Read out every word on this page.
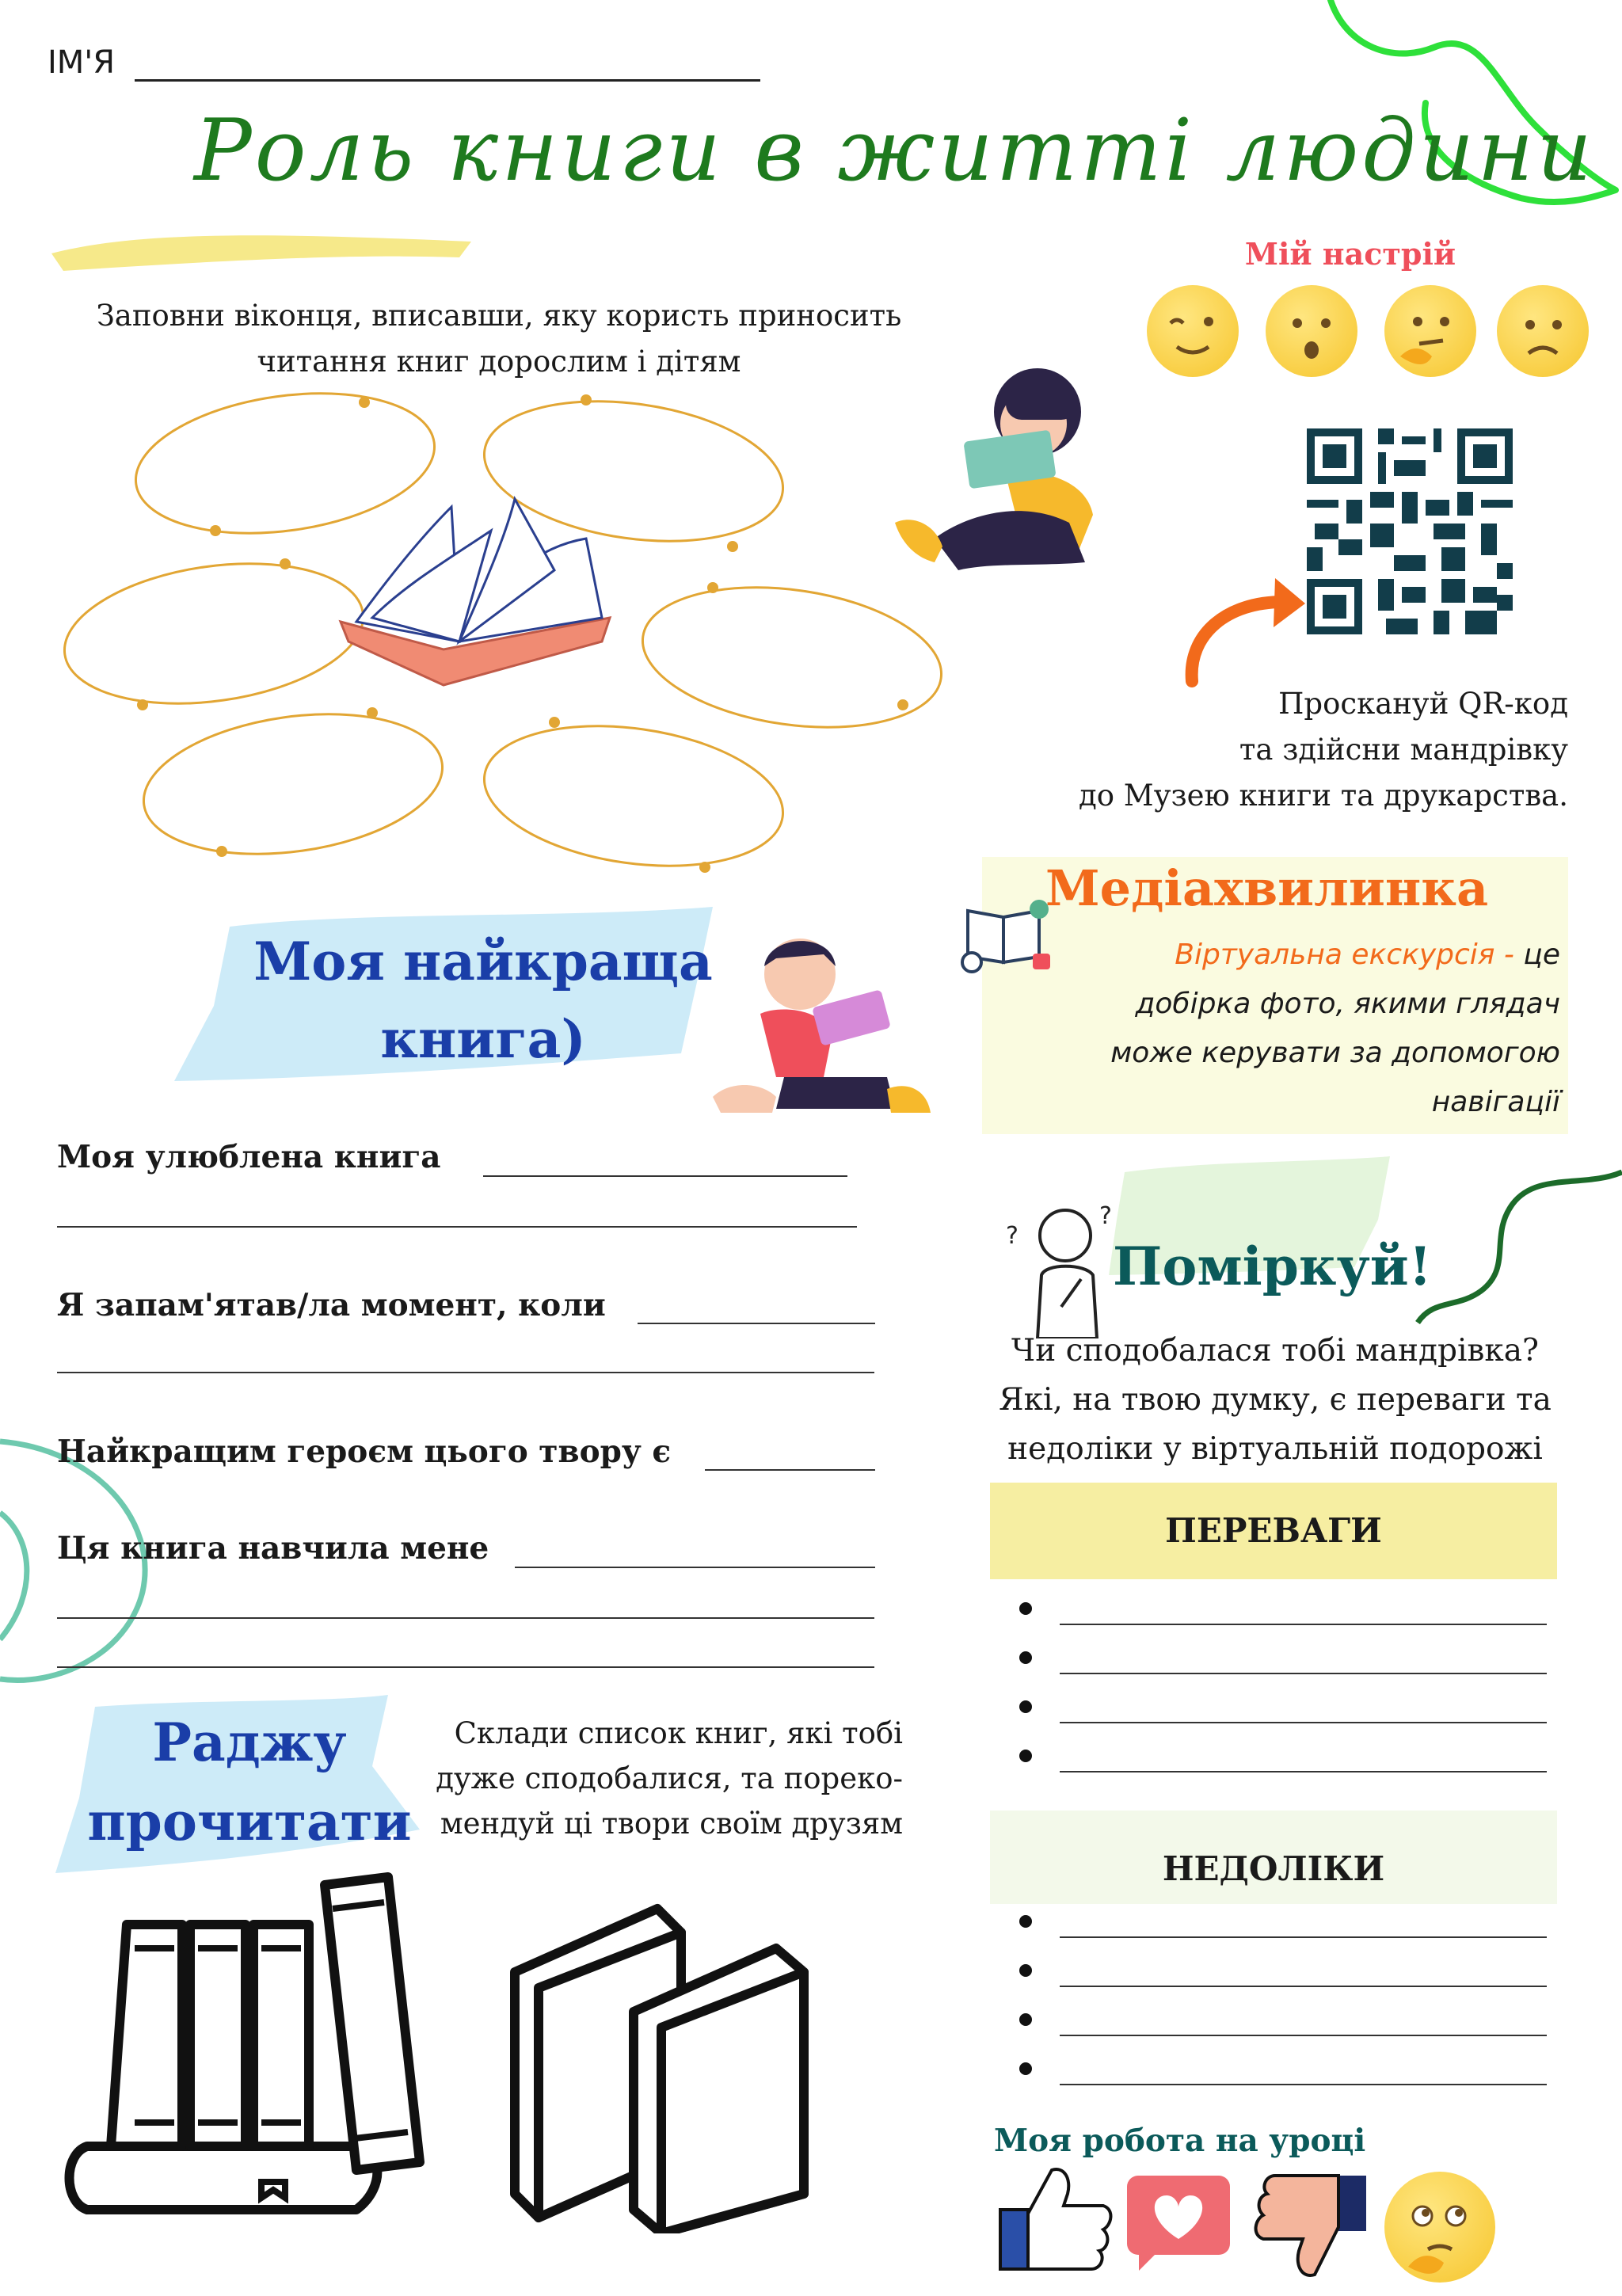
ІМ'Я
Роль книги в житті людини
Заповни віконця, вписавши, яку користь приносить
читання книг дорослим і дітям
Мій настрій
Проскануй QR-код
та здійсни мандрівку
до Музею книги та друкарства.
Медіахвилинка
Віртуальна екскурсія - це
добірка фото, якими глядач
може керувати за допомогою
навігації
Моя найкраща
книга)
Моя улюблена книга
Я запам'ятав/ла момент, коли
Найкращим героєм цього твору є
Ця книга навчила мене
?
?
Поміркуй!
Чи сподобалася тобі мандрівка?
Які, на твою думку, є переваги та
недоліки у віртуальній подорожі
ПЕРЕВАГИ
НЕДОЛІКИ
Раджу
прочитати
Склади список книг, які тобі
дуже сподобалися, та пореко-
мендуй ці твори своїм друзям
Моя робота на уроці
